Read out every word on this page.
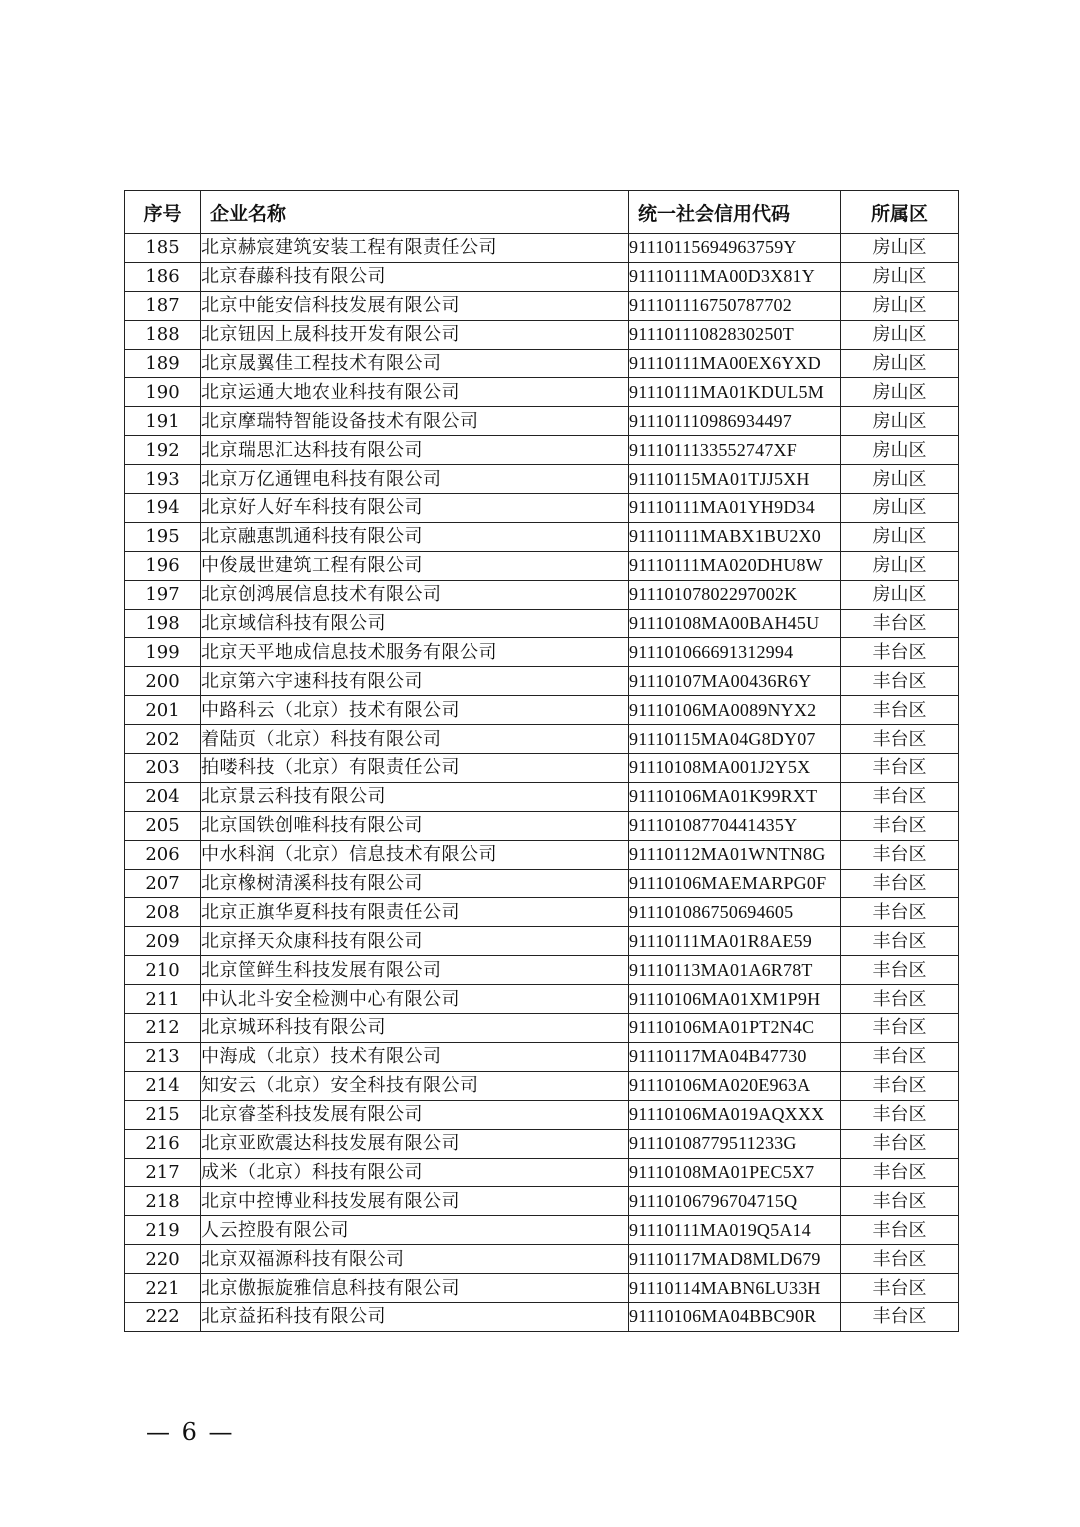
序号	企业名称	统一社会信用代码	所属区
185	北京赫宸建筑安装工程有限责任公司	91110115694963759Y	房山区
186	北京春藤科技有限公司	91110111MA00D3X81Y	房山区
187	北京中能安信科技发展有限公司	911101116750787702	房山区
188	北京钮因上晟科技开发有限公司	91110111082830250T	房山区
189	北京晟翼佳工程技术有限公司	91110111MA00EX6YXD	房山区
190	北京运通大地农业科技有限公司	91110111MA01KDUL5M	房山区
191	北京摩瑞特智能设备技术有限公司	911101110986934497	房山区
192	北京瑞思汇达科技有限公司	9111011133552747XF	房山区
193	北京万亿通锂电科技有限公司	91110115MA01TJJ5XH	房山区
194	北京好人好车科技有限公司	91110111MA01YH9D34	房山区
195	北京融惠凯通科技有限公司	91110111MABX1BU2X0	房山区
196	中俊晟世建筑工程有限公司	91110111MA020DHU8W	房山区
197	北京创鸿展信息技术有限公司	91110107802297002K	房山区
198	北京域信科技有限公司	91110108MA00BAH45U	丰台区
199	北京天平地成信息技术服务有限公司	911101066691312994	丰台区
200	北京第六宇速科技有限公司	91110107MA00436R6Y	丰台区
201	中路科云（北京）技术有限公司	91110106MA0089NYX2	丰台区
202	着陆页（北京）科技有限公司	91110115MA04G8DY07	丰台区
203	拍喽科技（北京）有限责任公司	91110108MA001J2Y5X	丰台区
204	北京景云科技有限公司	91110106MA01K99RXT	丰台区
205	北京国铁创唯科技有限公司	91110108770441435Y	丰台区
206	中水科润（北京）信息技术有限公司	91110112MA01WNTN8G	丰台区
207	北京橡树清溪科技有限公司	91110106MAEMARPG0F	丰台区
208	北京正旗华夏科技有限责任公司	911101086750694605	丰台区
209	北京择天众康科技有限公司	91110111MA01R8AE59	丰台区
210	北京筐鲜生科技发展有限公司	91110113MA01A6R78T	丰台区
211	中认北斗安全检测中心有限公司	91110106MA01XM1P9H	丰台区
212	北京城环科技有限公司	91110106MA01PT2N4C	丰台区
213	中海成（北京）技术有限公司	91110117MA04B47730	丰台区
214	知安云（北京）安全科技有限公司	91110106MA020E963A	丰台区
215	北京睿荃科技发展有限公司	91110106MA019AQXXX	丰台区
216	北京亚欧震达科技发展有限公司	91110108779511233G	丰台区
217	成米（北京）科技有限公司	91110108MA01PEC5X7	丰台区
218	北京中控博业科技发展有限公司	91110106796704715Q	丰台区
219	人云控股有限公司	91110111MA019Q5A14	丰台区
220	北京双福源科技有限公司	91110117MAD8MLD679	丰台区
221	北京傲振旋雅信息科技有限公司	91110114MABN6LU33H	丰台区
222	北京益拓科技有限公司	91110106MA04BBC90R	丰台区
— 6 —
